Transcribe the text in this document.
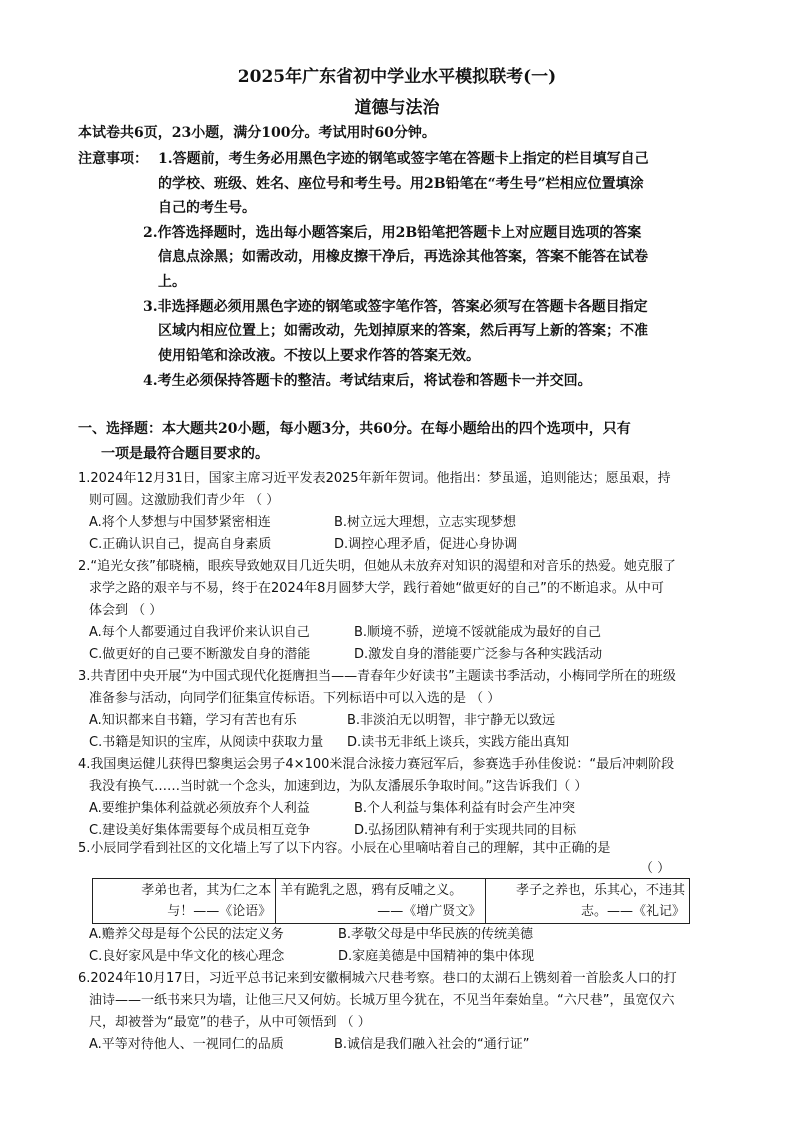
2025年广东省初中学业水平模拟联考(一)
道德与法治
本试卷共6页，23小题，满分100分。考试用时60分钟。
注意事项： 1.答题前，考生务必用黑色字迹的钢笔或签字笔在答题卡上指定的栏目填写自己
的学校、班级、姓名、座位号和考生号。用2B铅笔在“考生号”栏相应位置填涂
自己的考生号。
2.作答选择题时，选出每小题答案后，用2B铅笔把答题卡上对应题目选项的答案
信息点涂黑；如需改动，用橡皮擦干净后，再选涂其他答案，答案不能答在试卷
上。
3.非选择题必须用黑色字迹的钢笔或签字笔作答，答案必须写在答题卡各题目指定
区域内相应位置上；如需改动，先划掉原来的答案，然后再写上新的答案；不准
使用铅笔和涂改液。不按以上要求作答的答案无效。
4.考生必须保持答题卡的整洁。考试结束后，将试卷和答题卡一并交回。
一、选择题：本大题共20小题，每小题3分，共60分。在每小题给出的四个选项中，只有
一项是最符合题目要求的。
1.2024年12月31日，国家主席习近平发表2025年新年贺词。他指出：梦虽遥，追则能达；愿虽艰，持
则可圆。这激励我们青少年 （ ）
A.将个人梦想与中国梦紧密相连	B.树立远大理想，立志实现梦想
C.正确认识自己，提高自身素质	D.调控心理矛盾，促进心身协调
2.“追光女孩”郁晓楠，眼疾导致她双目几近失明，但她从未放弃对知识的渴望和对音乐的热爱。她克服了
求学之路的艰辛与不易，终于在2024年8月圆梦大学，践行着她“做更好的自己”的不断追求。从中可
体会到 （ ）
A.每个人都要通过自我评价来认识自己	B.顺境不骄，逆境不馁就能成为最好的自己
C.做更好的自己要不断激发自身的潜能	D.激发自身的潜能要广泛参与各种实践活动
3.共青团中央开展“为中国式现代化挺膺担当——青春年少好读书”主题读书季活动，小梅同学所在的班级
准备参与活动，向同学们征集宣传标语。下列标语中可以入选的是 （ ）
A.知识都来自书籍，学习有苦也有乐	B.非淡泊无以明智，非宁静无以致远
C.书籍是知识的宝库，从阅读中获取力量 D.读书无非纸上谈兵，实践方能出真知
4.我国奥运健儿获得巴黎奥运会男子4×100米混合泳接力赛冠军后，参赛选手孙佳俊说：“最后冲刺阶段
我没有换气……当时就一个念头，加速到边，为队友潘展乐争取时间。”这告诉我们（ ）
A.要维护集体利益就必须放弃个人利益	B.个人利益与集体利益有时会产生冲突
C.建设美好集体需要每个成员相互竞争	D.弘扬团队精神有利于实现共同的目标
5.小辰同学看到社区的文化墙上写了以下内容。小辰在心里嘀咕着自己的理解，其中正确的是
（ ）
孝弟也者，其为仁之本
与！——《论语》

羊有跪乳之恩，鸦有反哺之义。
——《增广贤文》

孝子之养也，乐其心，不违其
志。——《礼记》
A.赡养父母是每个公民的法定义务	B.孝敬父母是中华民族的传统美德
C.良好家风是中华文化的核心理念	D.家庭美德是中国精神的集中体现
6.2024年10月17日，习近平总书记来到安徽桐城六尺巷考察。巷口的太湖石上镌刻着一首脍炙人口的打
油诗——一纸书来只为墙，让他三尺又何妨。长城万里今犹在，不见当年秦始皇。“六尺巷”，虽宽仅六
尺，却被誉为“最宽”的巷子，从中可领悟到 （ ）
A.平等对待他人、一视同仁的品质	B.诚信是我们融入社会的“通行证”
